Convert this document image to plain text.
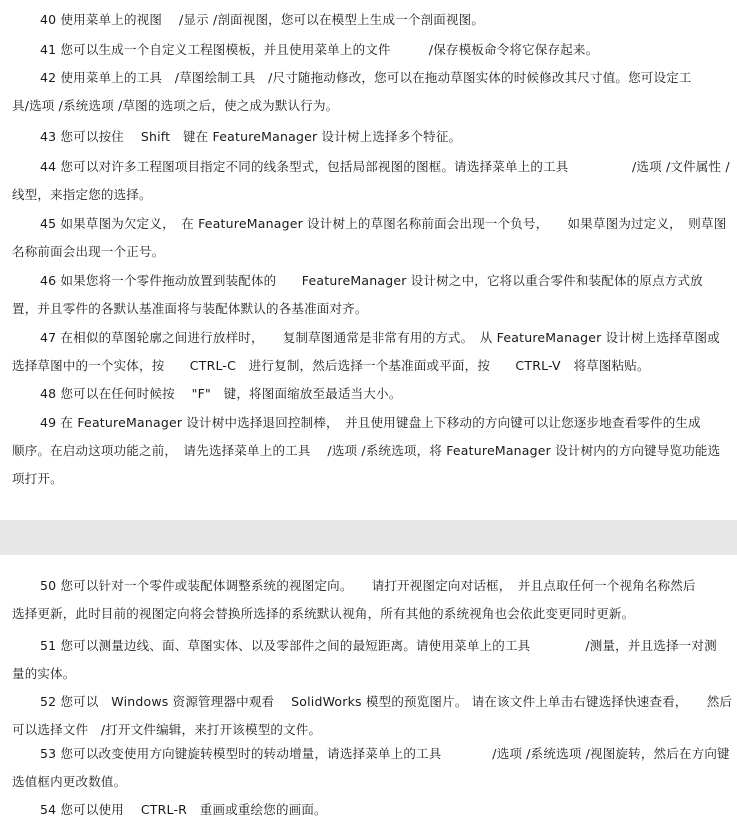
40 使用菜单上的视图　 /显示 /剖面视图，您可以在模型上生成一个剖面视图。
41 您可以生成一个自定义工程图模板，并且使用菜单上的文件　　　/保存模板命令将它保存起来。
42 使用菜单上的工具　/草图绘制工具　/尺寸随拖动修改，您可以在拖动草图实体的时候修改其尺寸值。您可设定工
具/选项 /系统选项 /草图的选项之后，使之成为默认行为。
43 您可以按住　 Shift　键在 FeatureManager 设计树上选择多个特征。
44 您可以对许多工程图项目指定不同的线条型式，包括局部视图的图框。请选择菜单上的工具　　　　　/选项 /文件属性 /
线型，来指定您的选择。
45 如果草图为欠定义，　在 FeatureManager 设计树上的草图名称前面会出现一个负号，　　如果草图为过定义，　则草图
名称前面会出现一个正号。
46 如果您将一个零件拖动放置到装配体的　　FeatureManager 设计树之中，它将以重合零件和装配体的原点方式放
置，并且零件的各默认基准面将与装配体默认的各基准面对齐。
47 在相似的草图轮廓之间进行放样时，　　复制草图通常是非常有用的方式。　从 FeatureManager 设计树上选择草图或
选择草图中的一个实体，按　　CTRL-C　进行复制，然后选择一个基准面或平面，按　　CTRL-V　将草图粘贴。
48 您可以在任何时候按　 "F"　键，将图面缩放至最适当大小。
49 在 FeatureManager 设计树中选择退回控制棒，　并且使用键盘上下移动的方向键可以让您逐步地查看零件的生成
顺序。在启动这项功能之前，　请先选择菜单上的工具　 /选项 /系统选项，将 FeatureManager 设计树内的方向键导览功能选
项打开。
50 您可以针对一个零件或装配体调整系统的视图定向。　　请打开视图定向对话框，　并且点取任何一个视角名称然后
选择更新，此时目前的视图定向将会替换所选择的系统默认视角，所有其他的系统视角也会依此变更同时更新。
51 您可以测量边线、面、草图实体、以及零部件之间的最短距离。请使用菜单上的工具　　　　 /测量，并且选择一对测
量的实体。
52 您可以　Windows 资源管理器中观看　 SolidWorks 模型的预览图片。 请在该文件上单击右键选择快速查看，　　然后
可以选择文件　/打开文件编辑，来打开该模型的文件。
53 您可以改变使用方向键旋转模型时的转动增量，请选择菜单上的工具　　　　/选项 /系统选项 /视图旋转，然后在方向键
选值框内更改数值。
54 您可以使用　 CTRL-R　重画或重绘您的画面。
